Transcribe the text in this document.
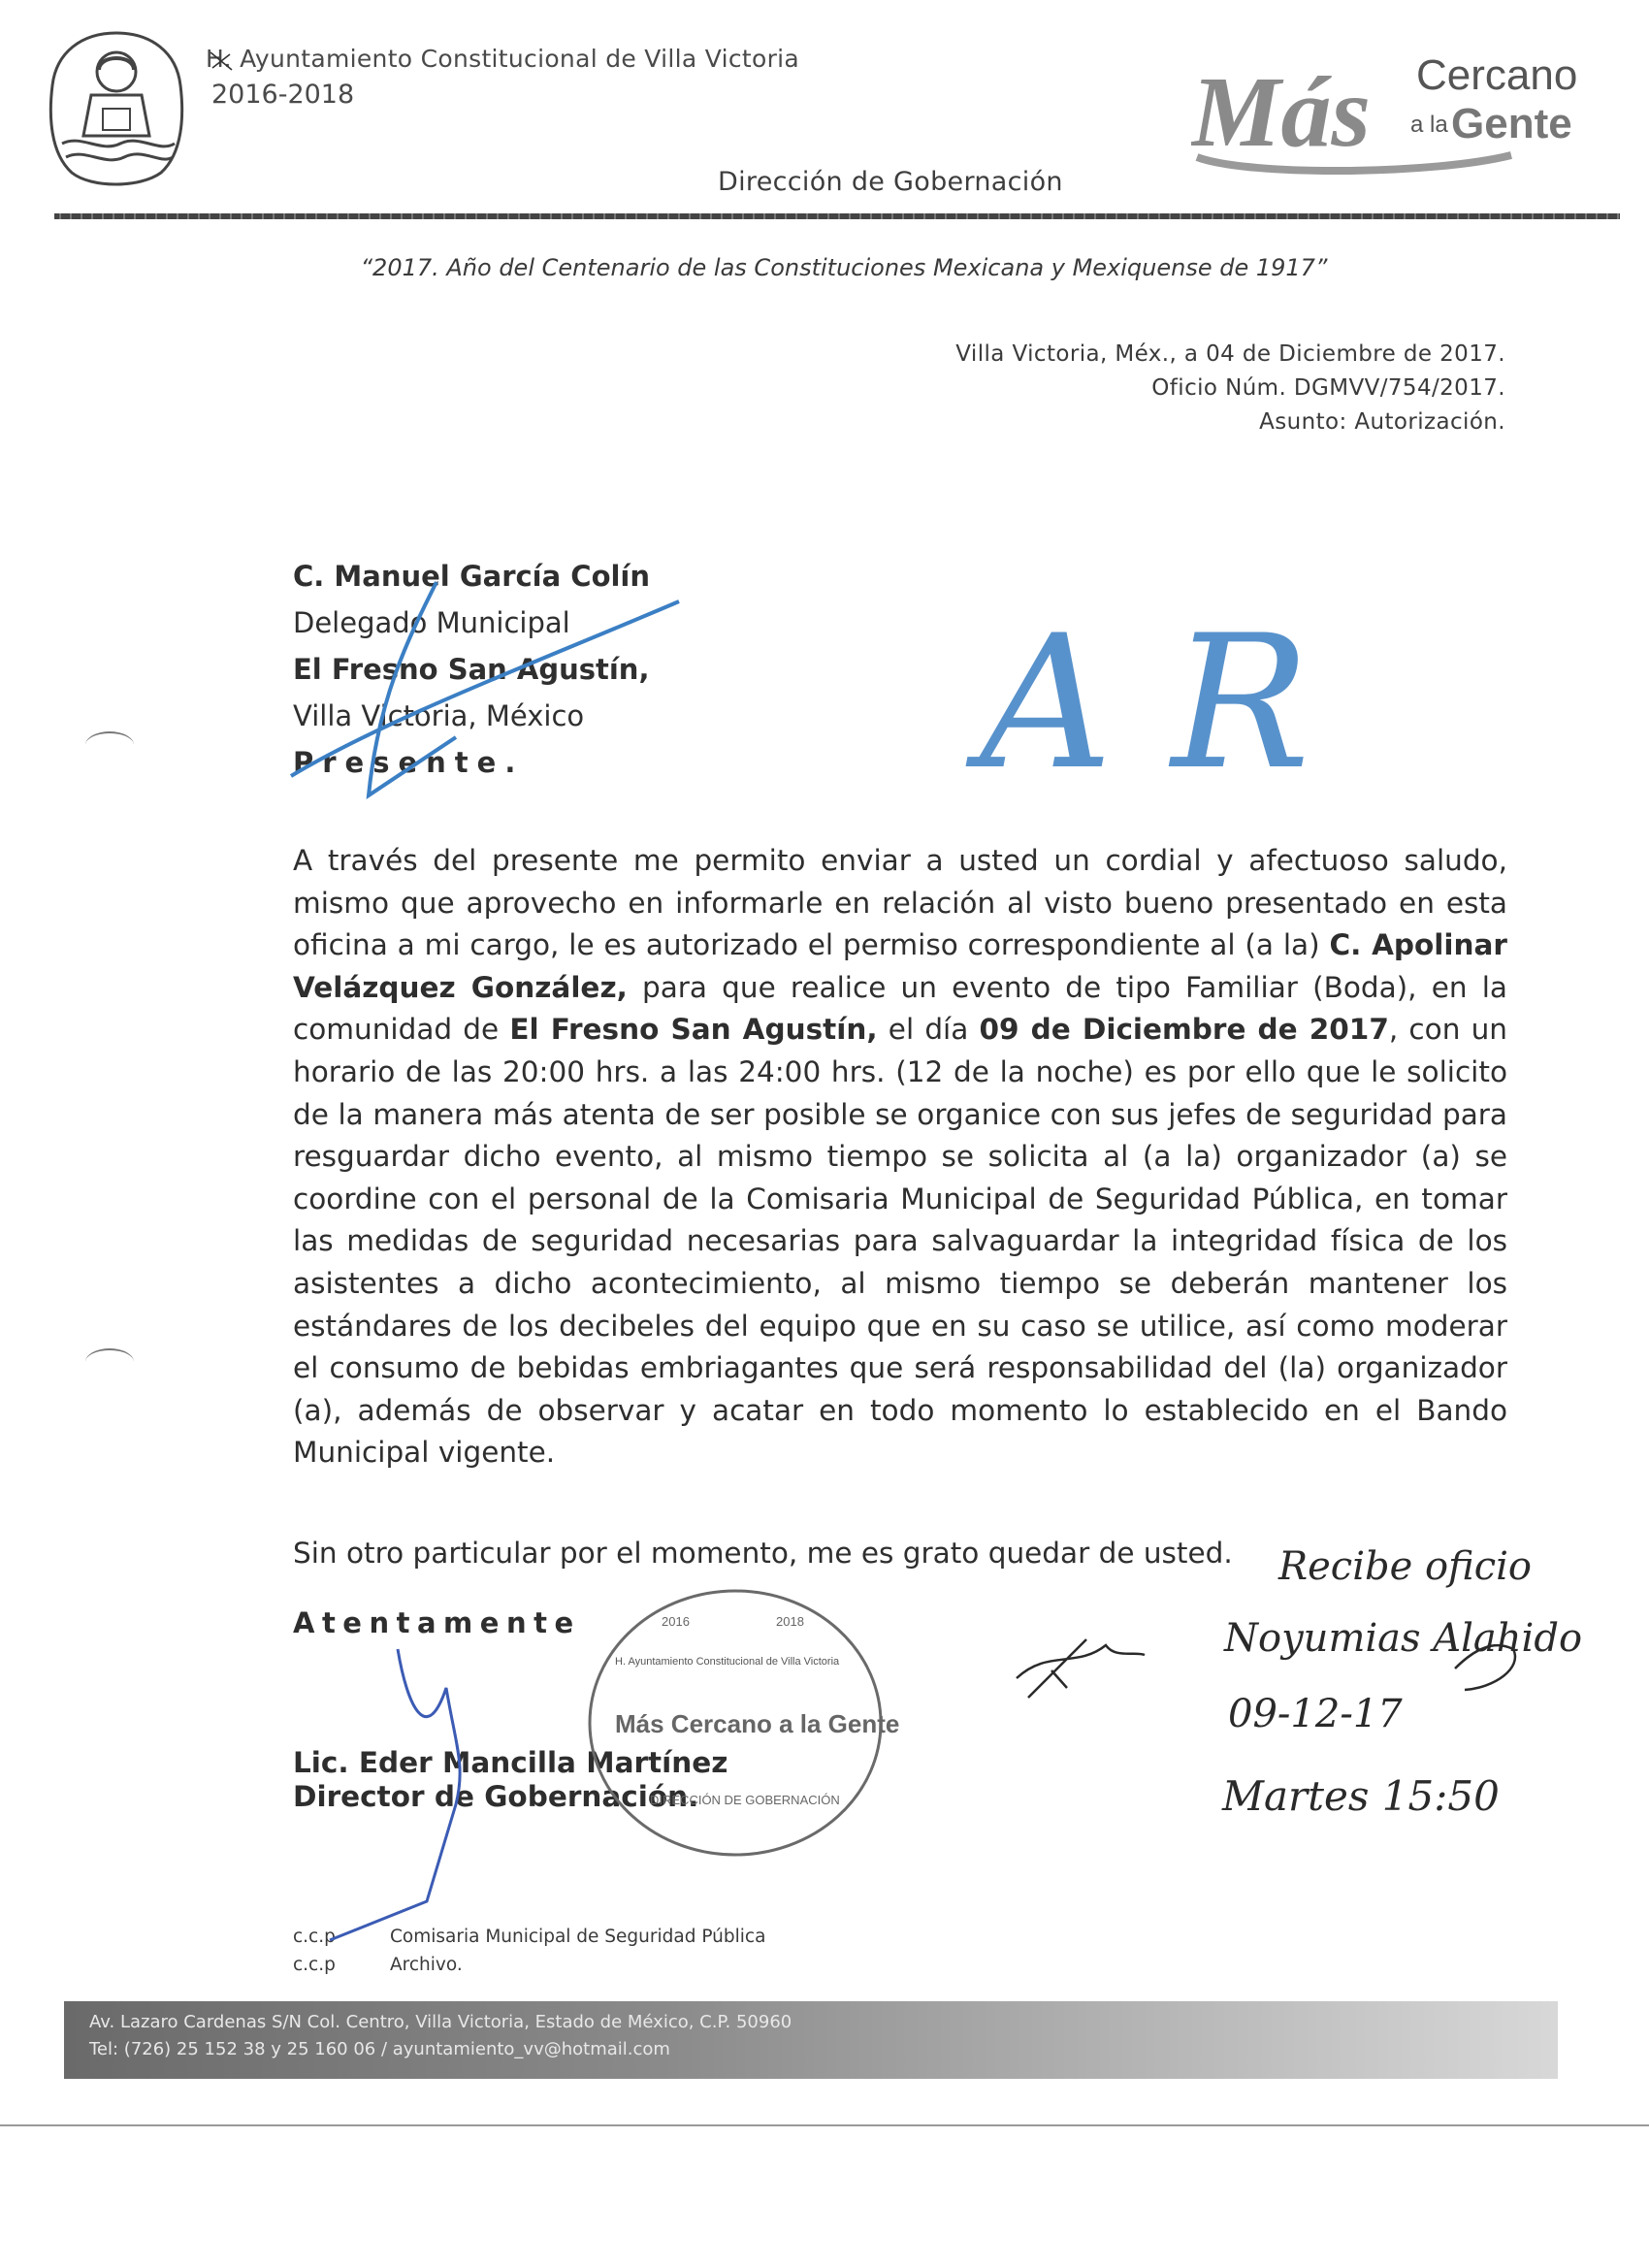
H. Ayuntamiento Constitucional de Villa Victoria
2016-2018	Más Cercano
a la Gente
Dirección de Gobernación
“2017. Año del Centenario de las Constituciones Mexicana y Mexiquense de 1917”
Villa Victoria, Méx., a 04 de Diciembre de 2017.
Oficio Núm. DGMVV/754/2017.
Asunto: Autorización.
C. Manuel García Colín
Delegado Municipal
El Fresno San Agustín,
Villa Victoria, México
Presente.
A través del presente me permito enviar a usted un cordial y afectuoso saludo, mismo que aprovecho en informarle en relación al visto bueno presentado en esta oficina a mi cargo, le es autorizado el permiso correspondiente al (a la) C. Apolinar Velázquez González, para que realice un evento de tipo Familiar (Boda), en la comunidad de El Fresno San Agustín, el día 09 de Diciembre de 2017, con un horario de las 20:00 hrs. a las 24:00 hrs. (12 de la noche) es por ello que le solicito de la manera más atenta de ser posible se organice con sus jefes de seguridad para resguardar dicho evento, al mismo tiempo se solicita al (a la) organizador (a) se coordine con el personal de la Comisaria Municipal de Seguridad Pública, en tomar las medidas de seguridad necesarias para salvaguardar la integridad física de los asistentes a dicho acontecimiento, al mismo tiempo se deberán mantener los estándares de los decibeles del equipo que en su caso se utilice, así como moderar el consumo de bebidas embriagantes que será responsabilidad del (la) organizador (a), además de observar y acatar en todo momento lo establecido en el Bando Municipal vigente.
Sin otro particular por el momento, me es grato quedar de usted.
Atentamente
Lic. Eder Mancilla Martínez
Director de Gobernación.
2016	2018
H. Ayuntamiento Constitucional de Villa Victoria
Más Cercano a la Gente
DIRECCIÓN DE GOBERNACIÓN
c.c.p	Comisaria Municipal de Seguridad Pública
c.c.p	Archivo.
Av. Lazaro Cardenas S/N Col. Centro, Villa Victoria, Estado de México, C.P. 50960
Tel: (726) 25 152 38 y 25 160 06 / ayuntamiento_vv@hotmail.com
Recibe oficio
Noyumias Alahido
09-12-17
Martes 15:50
A R
